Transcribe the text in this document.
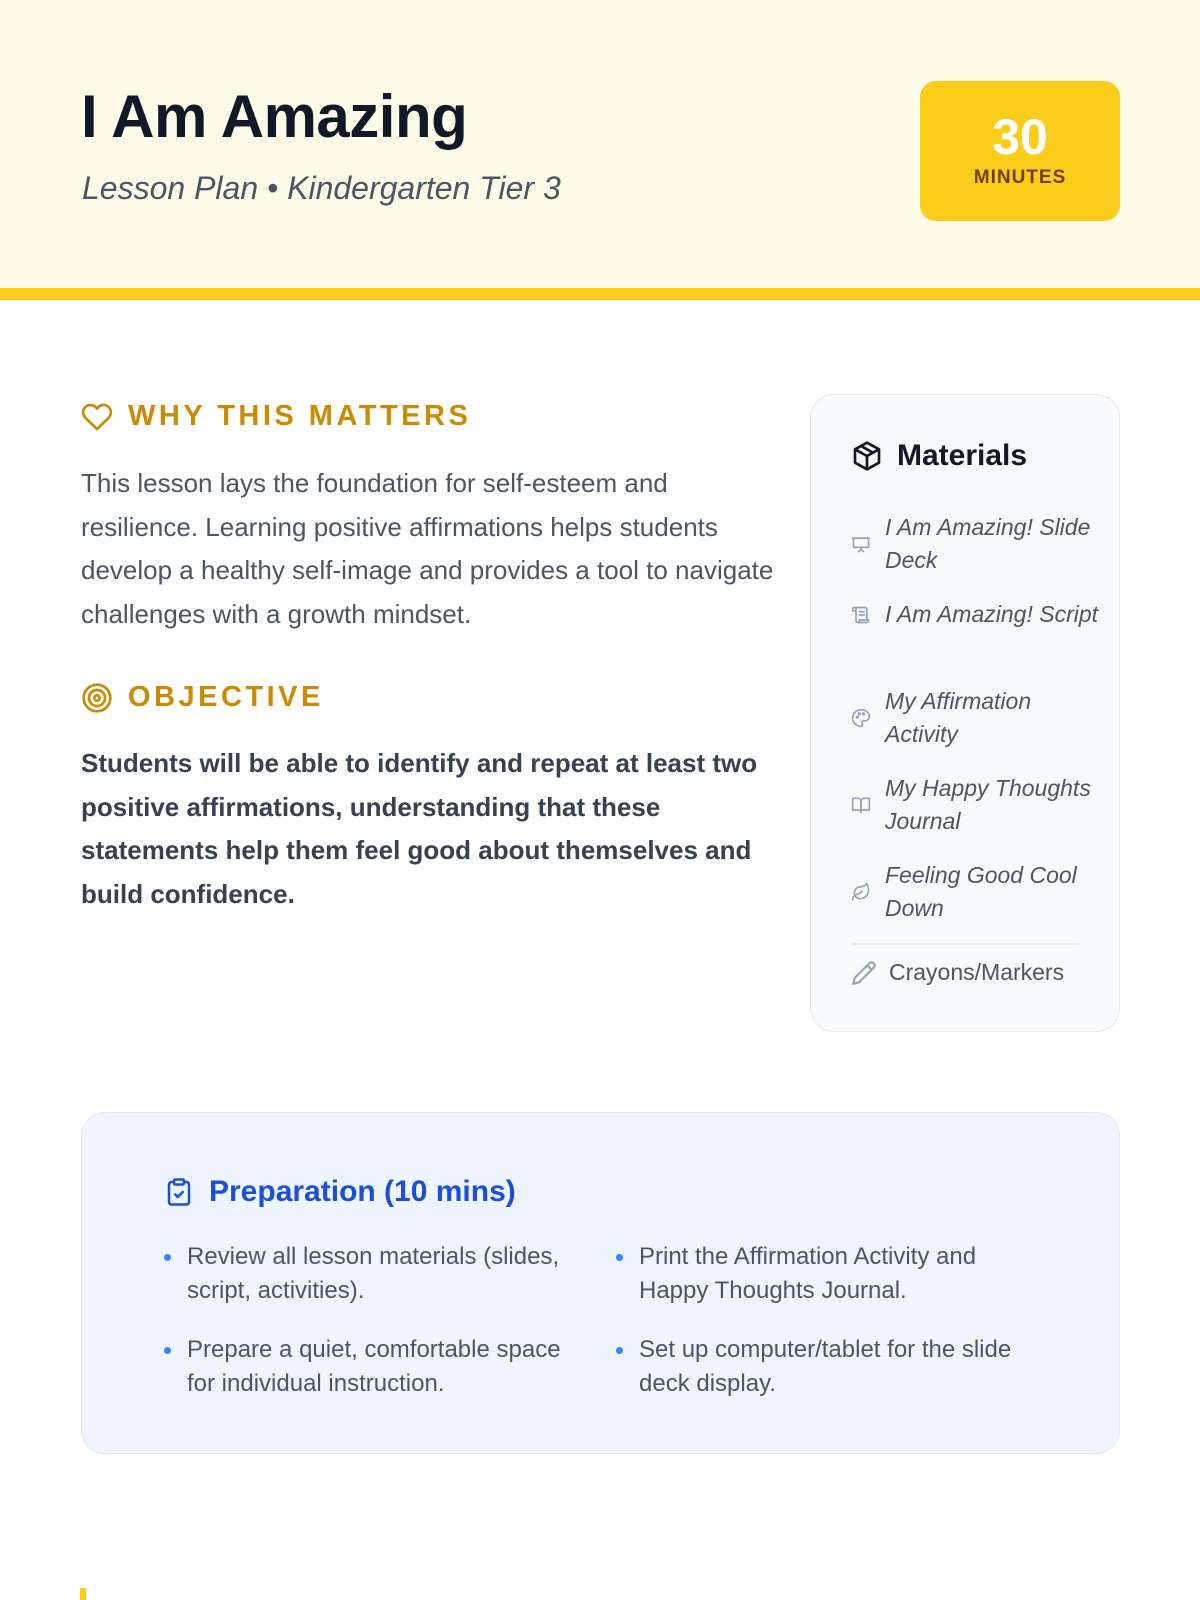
I Am Amazing
Lesson Plan • Kindergarten Tier 3
30
MINUTES
WHY THIS MATTERS

This lesson lays the foundation for self-esteem and resilience. Learning positive affirmations helps students develop a healthy self-image and provides a tool to navigate challenges with a growth mindset.

OBJECTIVE

Students will be able to identify and repeat at least two positive affirmations, understanding that these statements help them feel good about themselves and build confidence.

Materials
I Am Amazing! Slide Deck
I Am Amazing! Script
My Affirmation Activity
My Happy Thoughts Journal
Feeling Good Cool Down
Crayons/Markers
Preparation (10 mins)
Review all lesson materials (slides, script, activities).
Print the Affirmation Activity and Happy Thoughts Journal.
Prepare a quiet, comfortable space for individual instruction.
Set up computer/tablet for the slide deck display.
